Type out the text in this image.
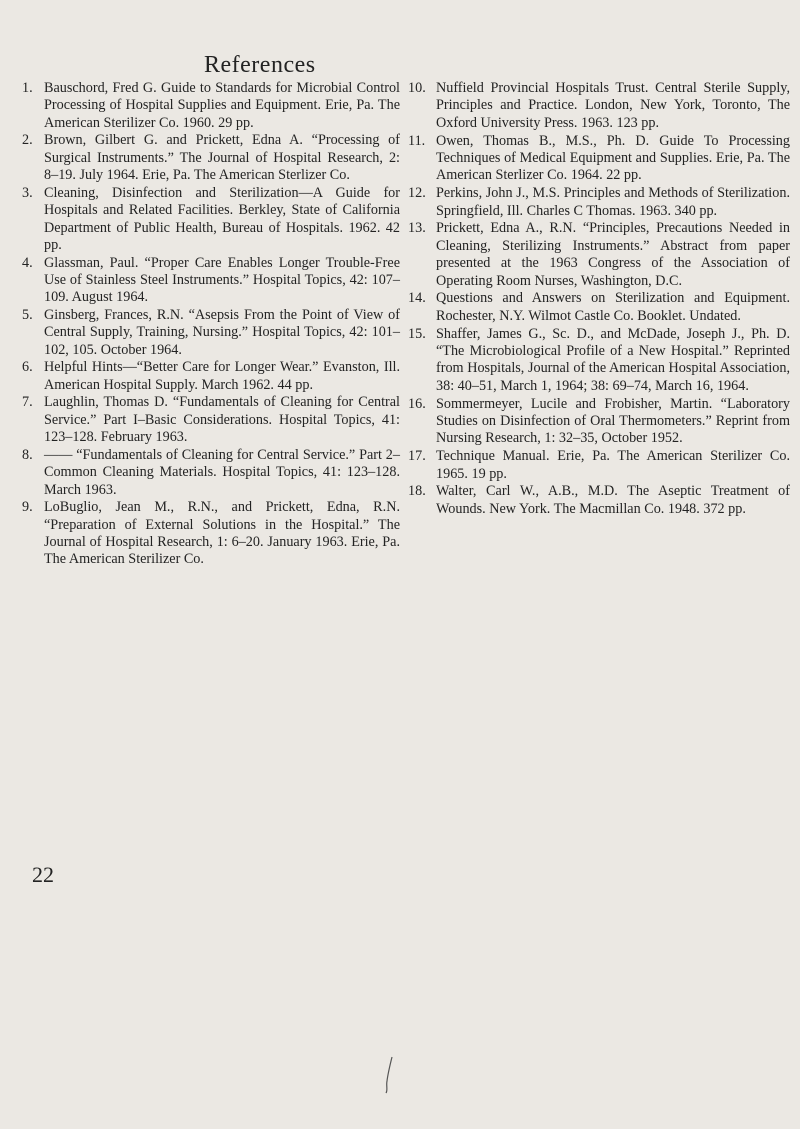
References
1. Bauschord, Fred G. Guide to Standards for Microbial Control Processing of Hospital Supplies and Equipment. Erie, Pa. The American Sterilizer Co. 1960. 29 pp.
2. Brown, Gilbert G. and Prickett, Edna A. “Processing of Surgical Instruments.” The Journal of Hospital Research, 2: 8–19. July 1964. Erie, Pa. The American Sterlizer Co.
3. Cleaning, Disinfection and Sterilization—A Guide for Hospitals and Related Facilities. Berkley, State of California Department of Public Health, Bureau of Hospitals. 1962. 42 pp.
4. Glassman, Paul. “Proper Care Enables Longer Trouble-Free Use of Stainless Steel Instruments.” Hospital Topics, 42: 107–109. August 1964.
5. Ginsberg, Frances, R.N. “Asepsis From the Point of View of Central Supply, Training, Nursing.” Hospital Topics, 42: 101–102, 105. October 1964.
6. Helpful Hints—“Better Care for Longer Wear.” Evanston, Ill. American Hospital Supply. March 1962. 44 pp.
7. Laughlin, Thomas D. “Fundamentals of Cleaning for Central Service.” Part I–Basic Considerations. Hospital Topics, 41: 123–128. February 1963.
8. —— “Fundamentals of Cleaning for Central Service.” Part 2–Common Cleaning Materials. Hospital Topics, 41: 123–128. March 1963.
9. LoBuglio, Jean M., R.N., and Prickett, Edna, R.N. “Preparation of External Solutions in the Hospital.” The Journal of Hospital Research, 1: 6–20. January 1963. Erie, Pa. The American Sterilizer Co.
10. Nuffield Provincial Hospitals Trust. Central Sterile Supply, Principles and Practice. London, New York, Toronto, The Oxford University Press. 1963. 123 pp.
11. Owen, Thomas B., M.S., Ph. D. Guide To Processing Techniques of Medical Equipment and Supplies. Erie, Pa. The American Sterlizer Co. 1964. 22 pp.
12. Perkins, John J., M.S. Principles and Methods of Sterilization. Springfield, Ill. Charles C Thomas. 1963. 340 pp.
13. Prickett, Edna A., R.N. “Principles, Precautions Needed in Cleaning, Sterilizing Instruments.” Abstract from paper presented at the 1963 Congress of the Association of Operating Room Nurses, Washington, D.C.
14. Questions and Answers on Sterilization and Equipment. Rochester, N.Y. Wilmot Castle Co. Booklet. Undated.
15. Shaffer, James G., Sc. D., and McDade, Joseph J., Ph. D. “The Microbiological Profile of a New Hospital.” Reprinted from Hospitals, Journal of the American Hospital Association, 38: 40–51, March 1, 1964; 38: 69–74, March 16, 1964.
16. Sommermeyer, Lucile and Frobisher, Martin. “Laboratory Studies on Disinfection of Oral Thermometers.” Reprint from Nursing Research, 1: 32–35, October 1952.
17. Technique Manual. Erie, Pa. The American Sterilizer Co. 1965. 19 pp.
18. Walter, Carl W., A.B., M.D. The Aseptic Treatment of Wounds. New York. The Macmillan Co. 1948. 372 pp.
22
